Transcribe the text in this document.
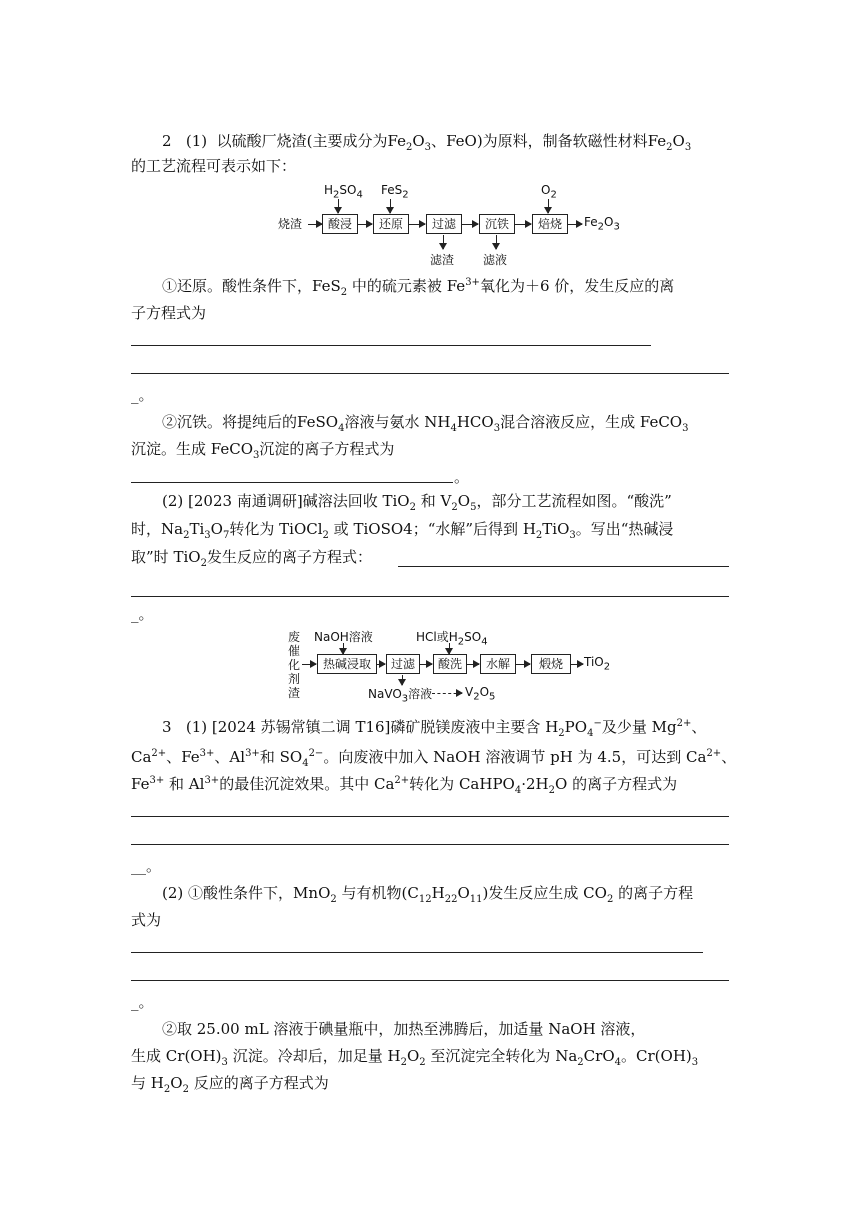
2 (1) 以硫酸厂烧渣(主要成分为$Fe_2O_3$、FeO)为原料，制备软磁性材料$Fe_2O_3$
的工艺流程可表示如下：
$H_2SO_4$ FeS$_2$	$O_2$
烧渣	酸浸	还原	过滤	沉铁	焙烧	$Fe_2O_3$
滤渣 滤液
①还原。酸性条件下，FeS$_2$ 中的硫元素被 $Fe^{3+}$氧化为＋6 价，发生反应的离
子方程式为
_。
②沉铁。将提纯后的FeSO$_4$溶液与氨水 $NH_4HCO_3$混合溶液反应，生成 FeCO$_3$
沉淀。生成 FeCO$_3$沉淀的离子方程式为
。
(2) [2023 南通调研]碱溶法回收 TiO$_2$ 和 $V_2O_5$，部分工艺流程如图。“酸洗”
时，$Na_2Ti_3O_7$转化为 TiOCl$_2$ 或 TiOSO4；“水解”后得到 $H_2TiO_3$。写出“热碱浸
取”时 TiO$_2$发生反应的离子方程式：
_。
废
催
化
剂
渣
NaOH溶液	HCl或$H_2SO_4$
热碱浸取	过滤	酸洗	水解	煅烧	TiO$_2$
NaVO$_3$溶液	$V_2O_5$
3 (1) [2024 苏锡常镇二调 T16]磷矿脱镁废液中主要含 $H_2PO_4^-$及少量 $Mg^{2+}$、
$Ca^{2+}$、$Fe^{3+}$、$Al^{3+}$和 $SO_4^{2-}$。向废液中加入 NaOH 溶液调节 pH 为 4.5，可达到 $Ca^{2+}$、
$Fe^{3+}$ 和 $Al^{3+}$的最佳沉淀效果。其中 $Ca^{2+}$转化为 $CaHPO_4\cdot 2H_2O$ 的离子方程式为
__。
(2) ①酸性条件下，MnO$_2$ 与有机物$(C_{12}H_{22}O_{11})$发生反应生成 $CO_2$ 的离子方程
式为
_。
②取 25.00 mL 溶液于碘量瓶中，加热至沸腾后，加适量 NaOH 溶液，
生成 $Cr(OH)_3$ 沉淀。冷却后，加足量 $H_2O_2$ 至沉淀完全转化为 $Na_2CrO_4$。$Cr(OH)_3$
与 $H_2O_2$ 反应的离子方程式为
